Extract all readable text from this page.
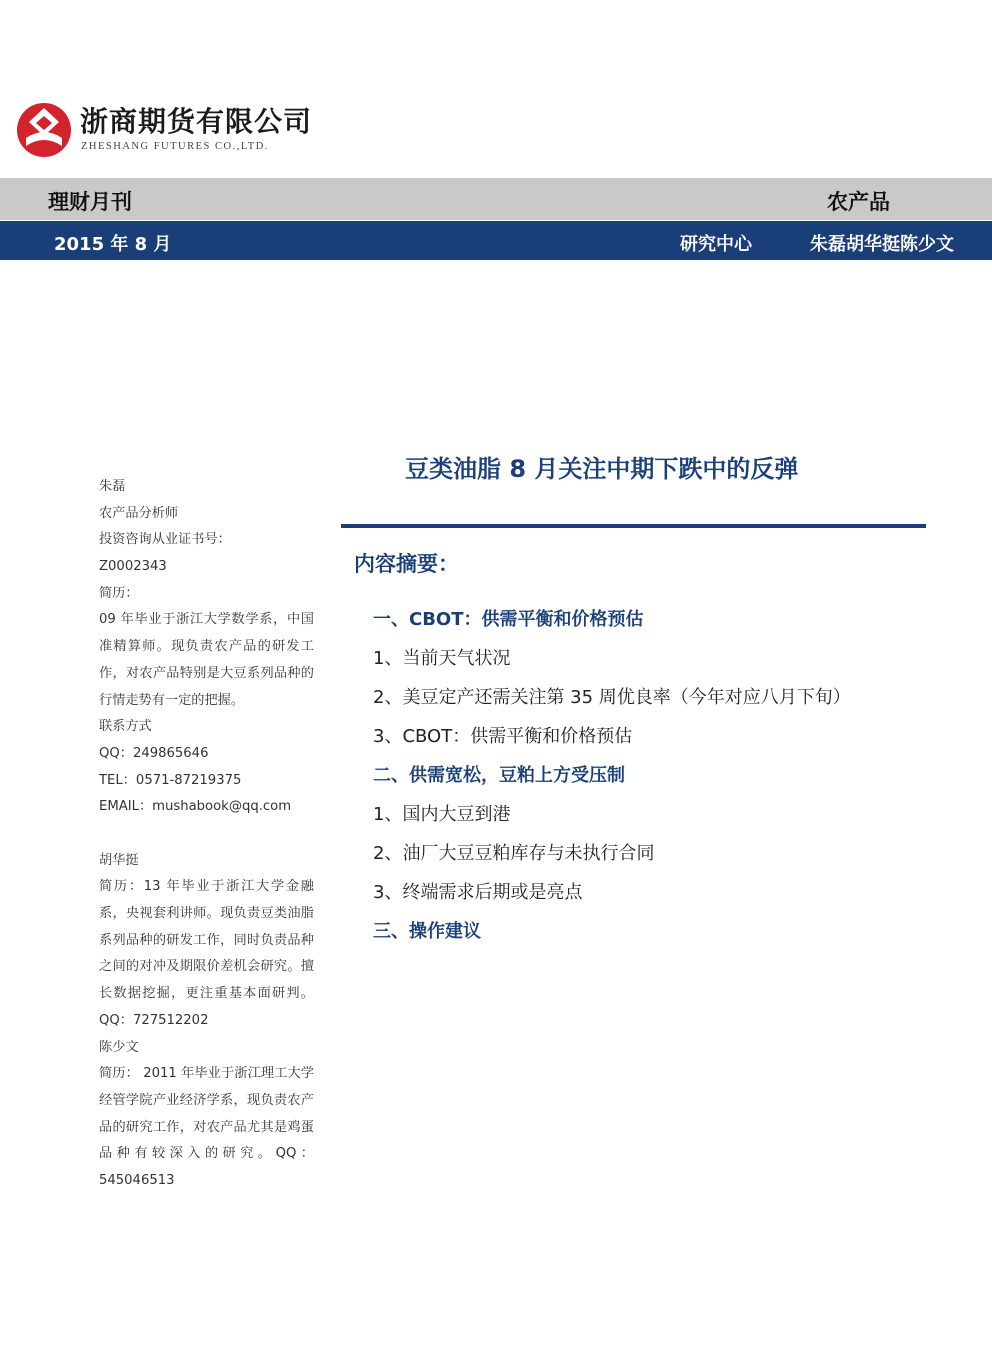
浙商期货有限公司
ZHESHANG FUTURES CO.,LTD.
理财月刊	农产品
2015 年 8 月	研究中心	朱磊胡华挺陈少文
豆类油脂 8 月关注中期下跌中的反弹
内容摘要：
一、CBOT：供需平衡和价格预估
1、当前天气状况
2、美豆定产还需关注第 35 周优良率（今年对应八月下旬）
3、CBOT：供需平衡和价格预估
二、供需宽松，豆粕上方受压制
1、国内大豆到港
2、油厂大豆豆粕库存与未执行合同
3、终端需求后期或是亮点
三、操作建议
朱磊
农产品分析师
投资咨询从业证书号：
Z0002343
简历：
09 年毕业于浙江大学数学系，中国准精算师。现负责农产品的研发工作，对农产品特别是大豆系列品种的行情走势有一定的把握。
联系方式
QQ：249865646
TEL：0571-87219375
EMAIL：mushabook@qq.com
胡华挺
简历：13 年毕业于浙江大学金融系，央视套利讲师。现负责豆类油脂系列品种的研发工作，同时负责品种之间的对冲及期限价差机会研究。擅长数据挖掘，更注重基本面研判。QQ：727512202
陈少文
简历： 2011 年毕业于浙江理工大学经管学院产业经济学系，现负责农产品的研究工作，对农产品尤其是鸡蛋品种有较深入的研究。QQ：545046513
